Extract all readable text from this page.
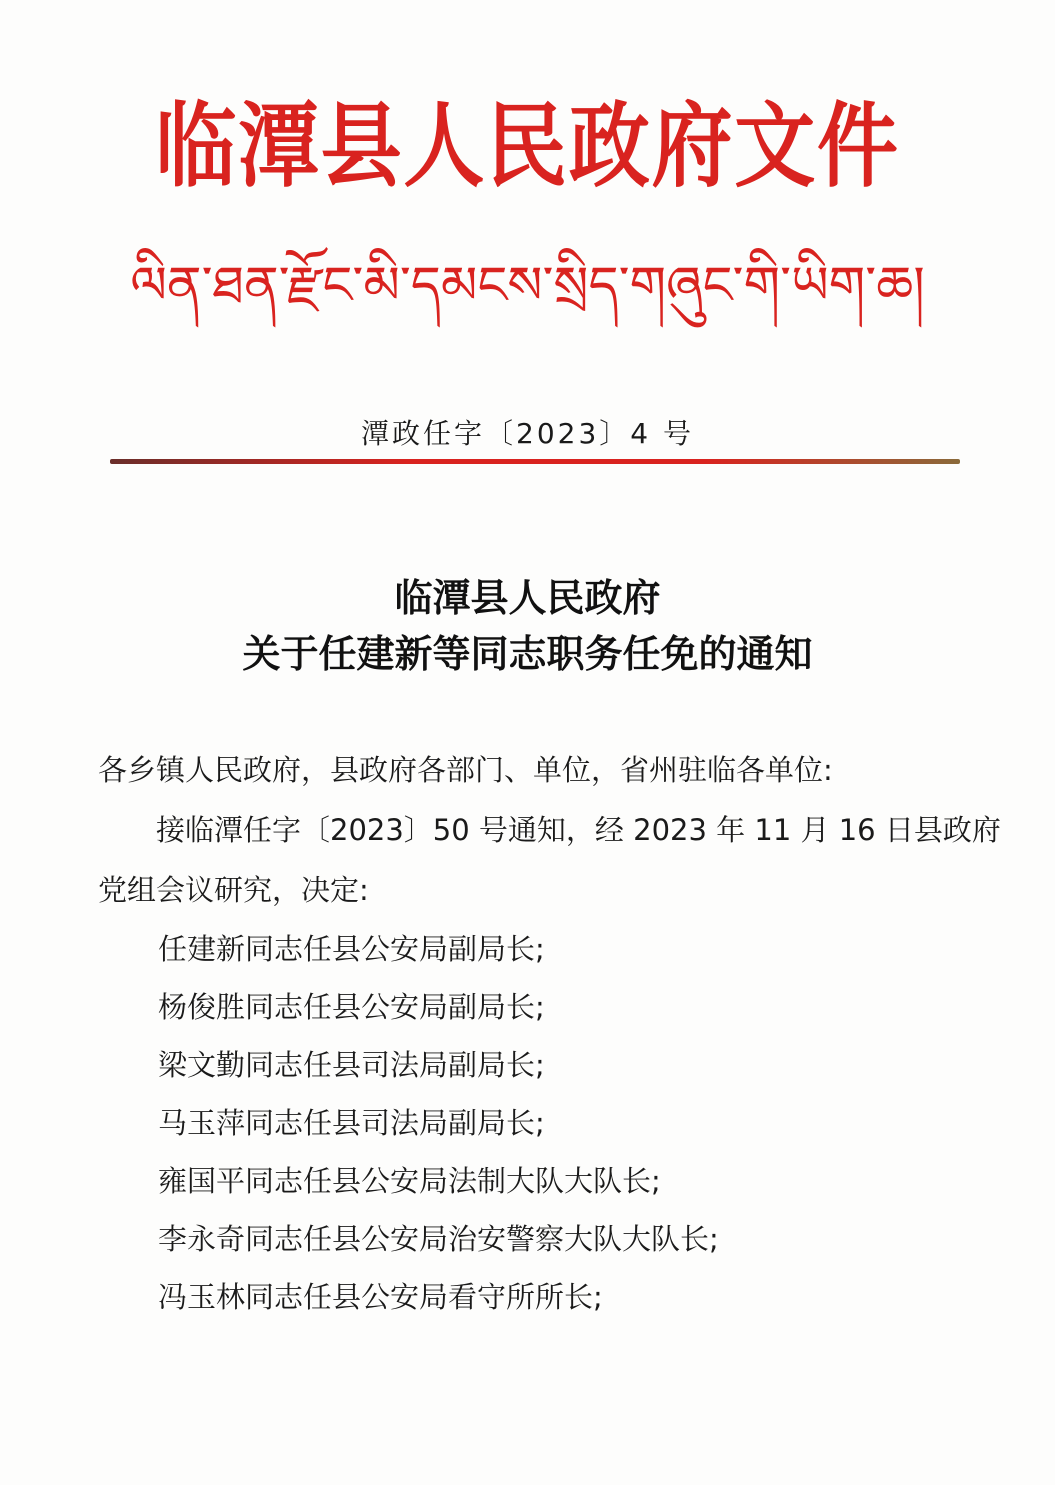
临潭县人民政府文件
ལིན་ཐན་རྫོང་མི་དམངས་སྲིད་གཞུང་གི་ཡིག་ཆ།
潭政任字〔2023〕4 号
临潭县人民政府
关于任建新等同志职务任免的通知

各乡镇人民政府，县政府各部门、单位，省州驻临各单位:

接临潭任字〔2023〕50 号通知，经 2023 年 11 月 16 日县政府

党组会议研究，决定:

任建新同志任县公安局副局长;
杨俊胜同志任县公安局副局长;
梁文勤同志任县司法局副局长;
马玉萍同志任县司法局副局长;
雍国平同志任县公安局法制大队大队长;
李永奇同志任县公安局治安警察大队大队长;
冯玉林同志任县公安局看守所所长;
